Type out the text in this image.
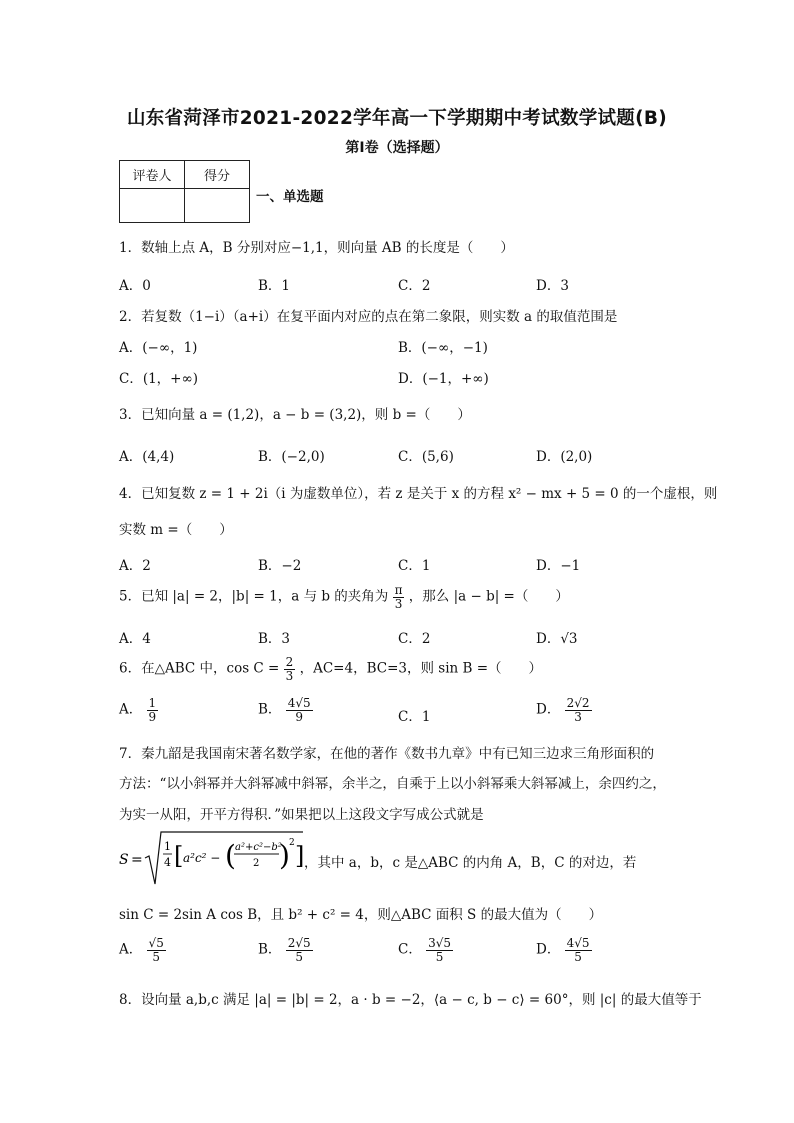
山东省菏泽市2021-2022学年高一下学期期中考试数学试题(B)
第I卷（选择题）
评卷人	得分

一、单选题
1．数轴上点 A，B 分别对应−1,1，则向量 AB 的长度是（　　）
A．0	B．1	C．2	D．3
2．若复数（1−i）（a+i）在复平面内对应的点在第二象限，则实数 a 的取值范围是
A．(−∞，1)	B．(−∞，−1)
C．(1，+∞)	D．(−1，+∞)
3．已知向量 a = (1,2)，a − b = (3,2)，则 b =（　　）
A．(4,4)	B．(−2,0)	C．(5,6)	D．(2,0)
4．已知复数 z = 1 + 2i（i 为虚数单位），若 z 是关于 x 的方程 x² − mx + 5 = 0 的一个虚根，则
实数 m =（　　）
A．2	B．−2	C．1	D．−1
5．已知 |a| = 2，|b| = 1，a 与 b 的夹角为 $\frac{\pi}{3}$ ，那么 |a − b| =（　　）
A．4	B．3	C．2	D．√3
6．在△ABC 中，$\cos C = \frac{2}{3}$ ，AC=4，BC=3，则 sin B =（　　）
A． $\frac{1}{9}$	B． $\frac{4√5}{9}$	C．1	D． $\frac{2√2}{3}$
7．秦九韶是我国南宋著名数学家，在他的著作《数书九章》中有已知三边求三角形面积的
方法：“以小斜幂并大斜幂减中斜幂，余半之，自乘于上以小斜幂乘大斜幂减上，余四约之，
为实一从阳，开平方得积．”如果把以上这段文字写成公式就是
S =
1
4 [ a²c² − ( a²+c²−b²
2 ) 2 ] ，其中 a，b，c 是△ABC 的内角 A，B，C 的对边，若
sin C = 2sin A cos B，且 b² + c² = 4，则△ABC 面积 S 的最大值为（　　）
A． $\frac{√5}{5}$	B． $\frac{2√5}{5}$	C． $\frac{3√5}{5}$	D． $\frac{4√5}{5}$
8．设向量 a,b,c 满足 |a| = |b| = 2，a · b = −2，⟨a − c, b − c⟩ = 60°，则 |c| 的最大值等于
